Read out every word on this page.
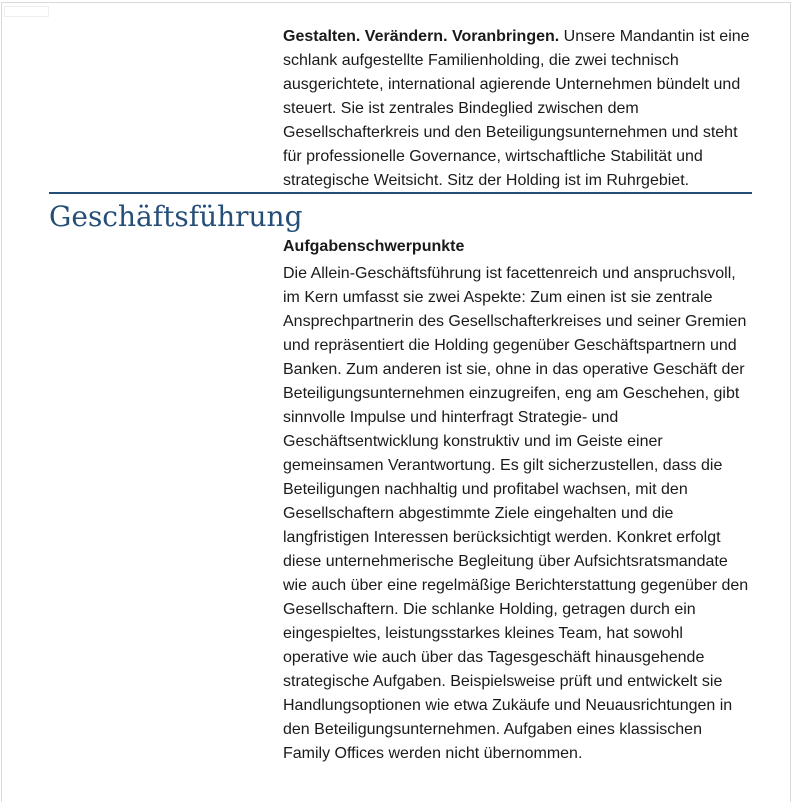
Gestalten. Verändern. Voranbringen. Unsere Mandantin ist eine schlank aufgestellte Familienholding, die zwei technisch ausgerichtete, international agierende Unternehmen bündelt und steuert. Sie ist zentrales Bindeglied zwischen dem Gesellschafterkreis und den Beteiligungsunternehmen und steht für professionelle Governance, wirtschaftliche Stabilität und strategische Weitsicht. Sitz der Holding ist im Ruhrgebiet.

Geschäftsführung
Aufgabenschwerpunkte

Die Allein-Geschäftsführung ist facettenreich und anspruchsvoll, im Kern umfasst sie zwei Aspekte: Zum einen ist sie zentrale Ansprechpartnerin des Gesellschafterkreises und seiner Gremien und repräsentiert die Holding gegenüber Geschäftspartnern und Banken. Zum anderen ist sie, ohne in das operative Geschäft der Beteiligungsunternehmen einzugreifen, eng am Geschehen, gibt sinnvolle Impulse und hinterfragt Strategie- und Geschäftsentwicklung konstruktiv und im Geiste einer gemeinsamen Verantwortung. Es gilt sicherzustellen, dass die Beteiligungen nachhaltig und profitabel wachsen, mit den Gesellschaftern abgestimmte Ziele eingehalten und die langfristigen Interessen berücksichtigt werden. Konkret erfolgt diese unternehmerische Begleitung über Aufsichtsratsmandate wie auch über eine regelmäßige Berichterstattung gegenüber den Gesellschaftern. Die schlanke Holding, getragen durch ein eingespieltes, leistungsstarkes kleines Team, hat sowohl operative wie auch über das Tagesgeschäft hinausgehende strategische Aufgaben. Beispielsweise prüft und entwickelt sie Handlungsoptionen wie etwa Zukäufe und Neuausrichtungen in den Beteiligungsunternehmen. Aufgaben eines klassischen Family Offices werden nicht übernommen.
